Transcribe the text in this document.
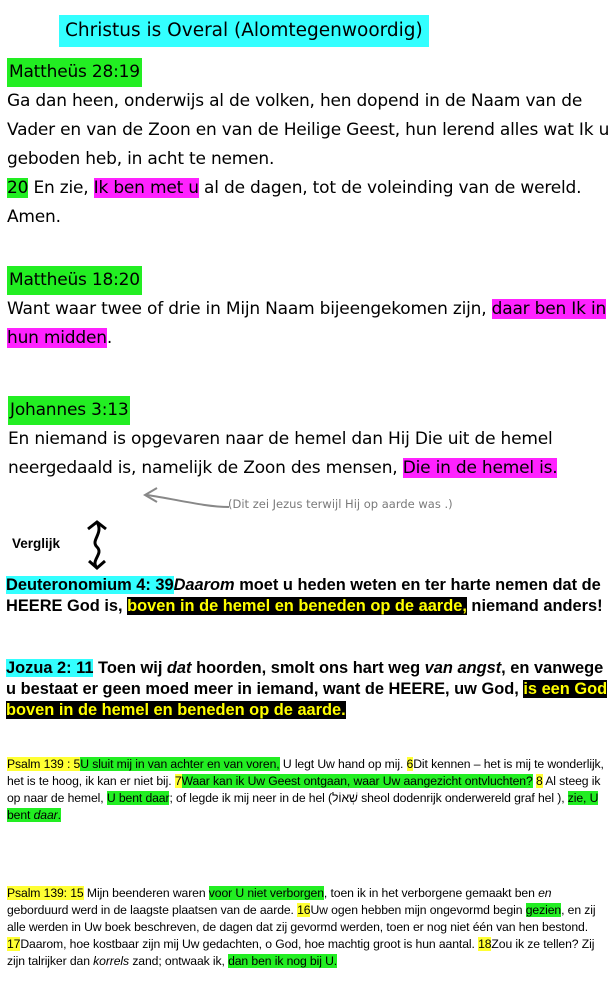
Christus is Overal (Alomtegenwoordig)
Mattheüs 28:19
Ga dan heen, onderwijs al de volken, hen dopend in de Naam van de Vader en van de Zoon en van de Heilige Geest, hun lerend alles wat Ik u geboden heb, in acht te nemen.
20 En zie, Ik ben met u al de dagen, tot de voleinding van de wereld. Amen.
Mattheüs 18:20
Want waar twee of drie in Mijn Naam bijeengekomen zijn, daar ben Ik in hun midden.
Johannes 3:13
En niemand is opgevaren naar de hemel dan Hij Die uit de hemel neergedaald is, namelijk de Zoon des mensen, Die in de hemel is.
(Dit zei Jezus terwijl Hij op aarde was .)
Verglijk
Deuteronomium 4: 39Daarom moet u heden weten en ter harte nemen dat de HEERE God is, boven in de hemel en beneden op de aarde, niemand anders!
Jozua 2: 11 Toen wij dat hoorden, smolt ons hart weg van angst, en vanwege u bestaat er geen moed meer in iemand, want de HEERE, uw God, is een God boven in de hemel en beneden op de aarde.
Psalm 139 : 5U sluit mij in van achter en van voren, U legt Uw hand op mij. 6Dit kennen – het is mij te wonderlijk, het is te hoog, ik kan er niet bij. 7Waar kan ik Uw Geest ontgaan, waar Uw aangezicht ontvluchten? 8 Al steeg ik op naar de hemel, U bent daar; of legde ik mij neer in de hel (שְׁאוֹל sheol dodenrijk onderwereld graf hel ), zie, U bent daar.
Psalm 139: 15 Mijn beenderen waren voor U niet verborgen, toen ik in het verborgene gemaakt ben en geborduurd werd in de laagste plaatsen van de aarde. 16Uw ogen hebben mijn ongevormd begin gezien, en zij alle werden in Uw boek beschreven, de dagen dat zij gevormd werden, toen er nog niet één van hen bestond. 17Daarom, hoe kostbaar zijn mij Uw gedachten, o God, hoe machtig groot is hun aantal. 18Zou ik ze tellen? Zij zijn talrijker dan korrels zand; ontwaak ik, dan ben ik nog bij U.
